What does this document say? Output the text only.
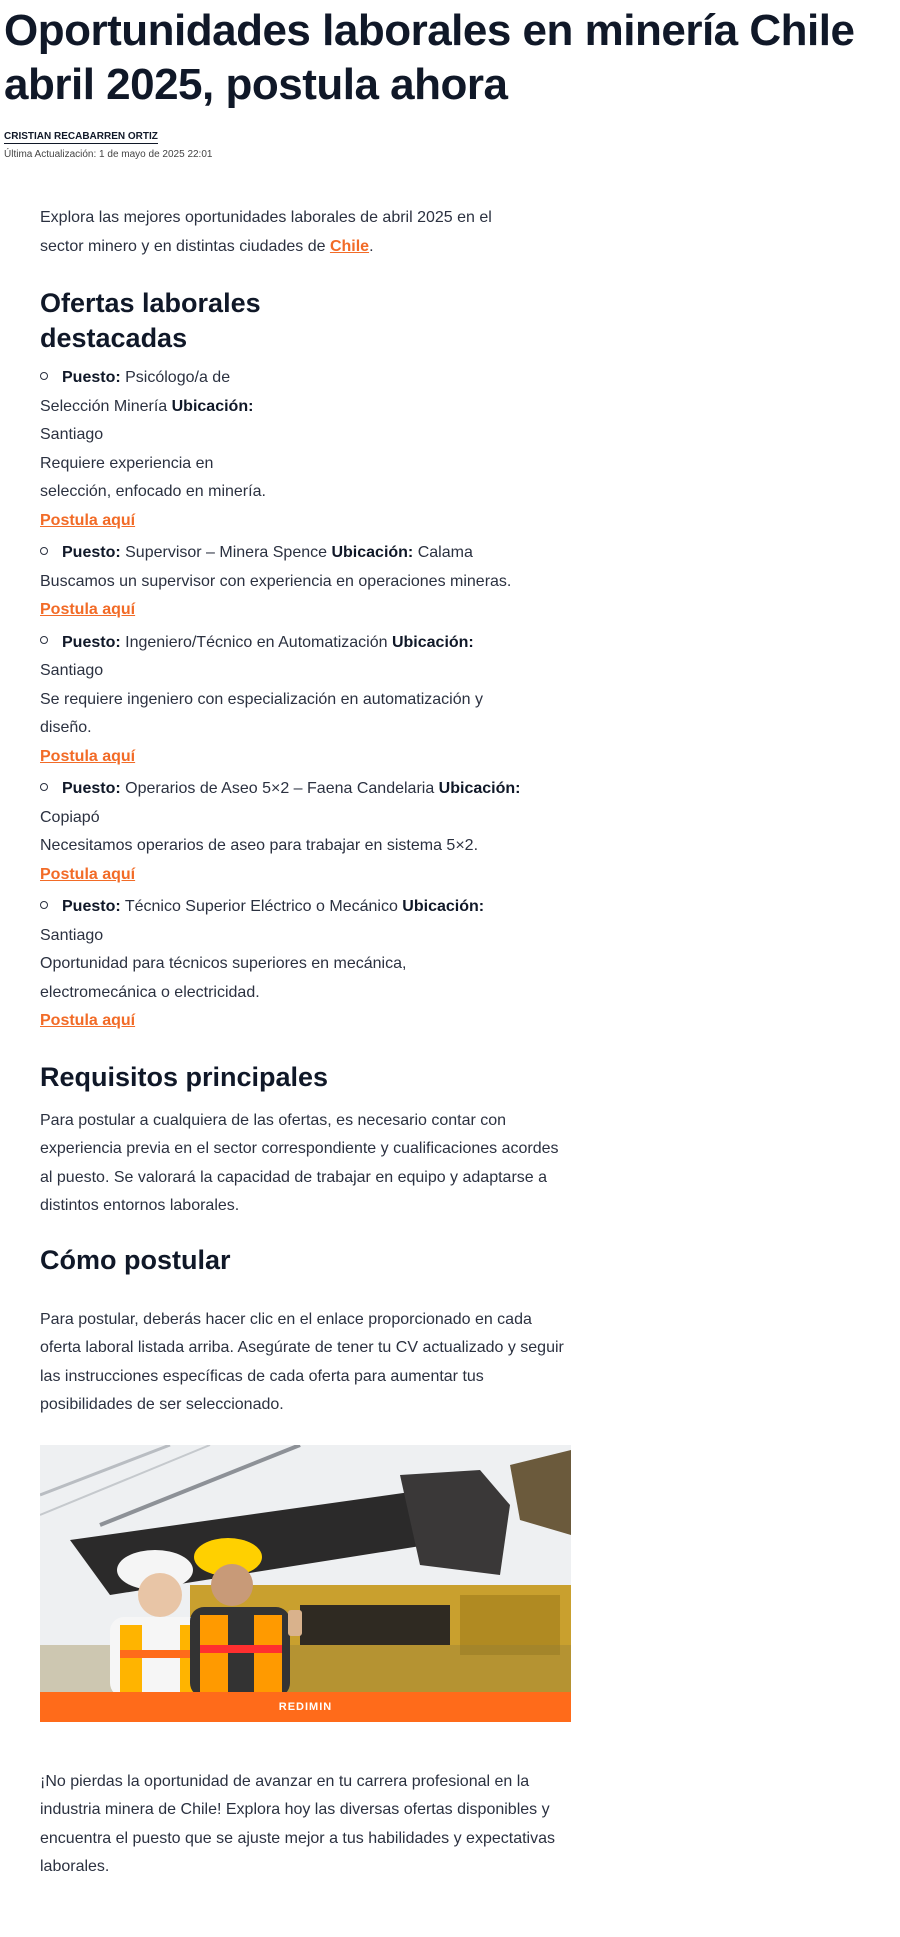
Oportunidades laborales en minería Chile abril 2025, postula ahora
CRISTIAN RECABARREN ORTIZ
Última Actualización: 1 de mayo de 2025 22:01

Explora las mejores oportunidades laborales de abril 2025 en el sector minero y en distintas ciudades de Chile.

Ofertas laborales destacadas
Puesto: Psicólogo/a de Selección Minería Ubicación:
Santiago

Requiere experiencia en selección, enfocado en minería.
Postula aquí
Puesto: Supervisor – Minera Spence Ubicación: Calama
Buscamos un supervisor con experiencia en operaciones mineras.
Postula aquí
Puesto: Ingeniero/Técnico en Automatización Ubicación:
Santiago

Se requiere ingeniero con especialización en automatización y diseño.
Postula aquí
Puesto: Operarios de Aseo 5×2 – Faena Candelaria Ubicación:
Copiapó
Necesitamos operarios de aseo para trabajar en sistema 5×2.
Postula aquí
Puesto: Técnico Superior Eléctrico o Mecánico Ubicación:
Santiago

Oportunidad para técnicos superiores en mecánica, electromecánica o electricidad.
Postula aquí
Requisitos principales

Para postular a cualquiera de las ofertas, es necesario contar con experiencia previa en el sector correspondiente y cualificaciones acordes al puesto. Se valorará la capacidad de trabajar en equipo y adaptarse a distintos entornos laborales.

Cómo postular

Para postular, deberás hacer clic en el enlace proporcionado en cada oferta laboral listada arriba. Asegúrate de tener tu CV actualizado y seguir las instrucciones específicas de cada oferta para aumentar tus posibilidades de ser seleccionado.

REDIMIN

¡No pierdas la oportunidad de avanzar en tu carrera profesional en la industria minera de Chile! Explora hoy las diversas ofertas disponibles y encuentra el puesto que se ajuste mejor a tus habilidades y expectativas laborales.
